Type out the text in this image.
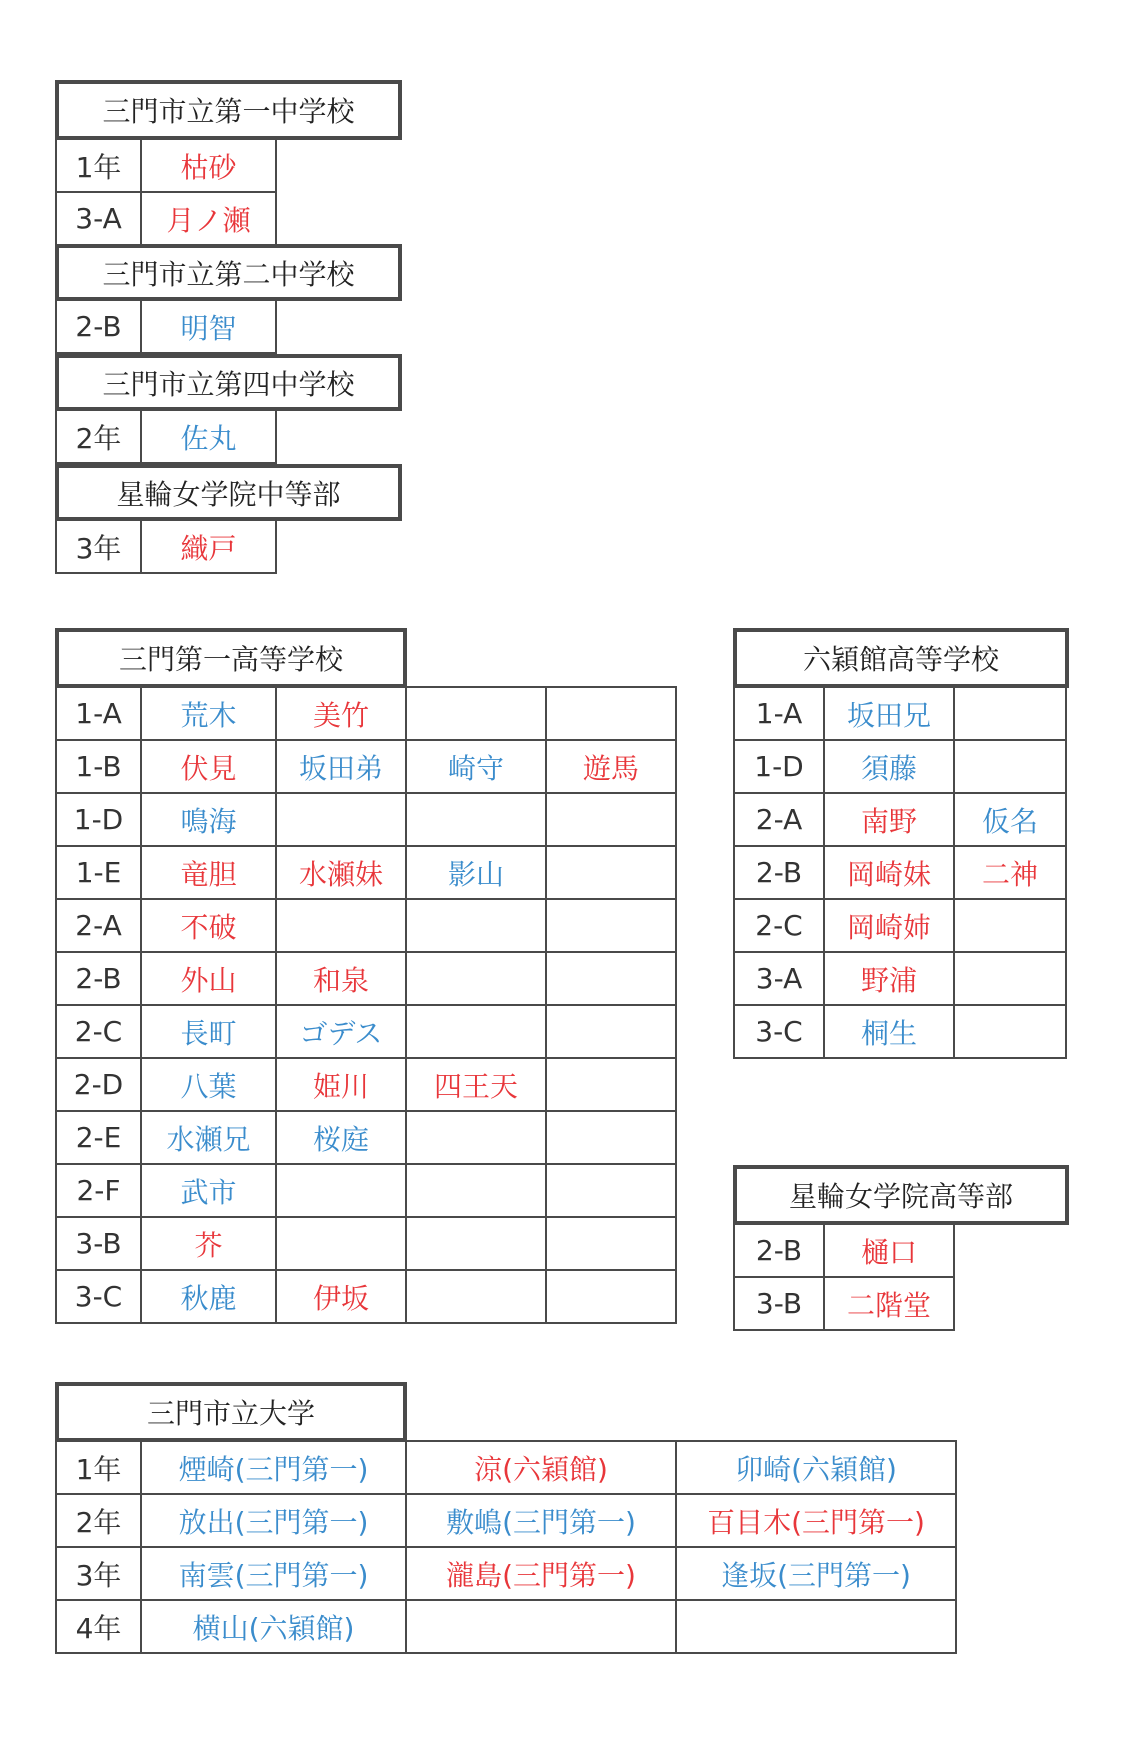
三門市立第一中学校
1年	枯砂
3-A	月ノ瀬
三門市立第二中学校
2-B	明智
三門市立第四中学校
2年	佐丸
星輪女学院中等部
3年	織戸
三門第一高等学校
1-A	荒木	美竹		
1-B	伏見	坂田弟	崎守	遊馬
1-D	鳴海			
1-E	竜胆	水瀬妹	影山	
2-A	不破			
2-B	外山	和泉		
2-C	長町	ゴデス		
2-D	八葉	姫川	四王天	
2-E	水瀬兄	桜庭		
2-F	武市			
3-B	芥			
3-C	秋鹿	伊坂		
六穎館高等学校
1-A	坂田兄	
1-D	須藤	
2-A	南野	仮名
2-B	岡崎妹	二神
2-C	岡崎姉	
3-A	野浦	
3-C	桐生	
星輪女学院高等部
2-B	樋口
3-B	二階堂
三門市立大学
1年	煙崎(三門第一)	涼(六穎館)	卯崎(六穎館)
2年	放出(三門第一)	敷嶋(三門第一)	百目木(三門第一)
3年	南雲(三門第一)	瀧島(三門第一)	逢坂(三門第一)
4年	横山(六穎館)		
